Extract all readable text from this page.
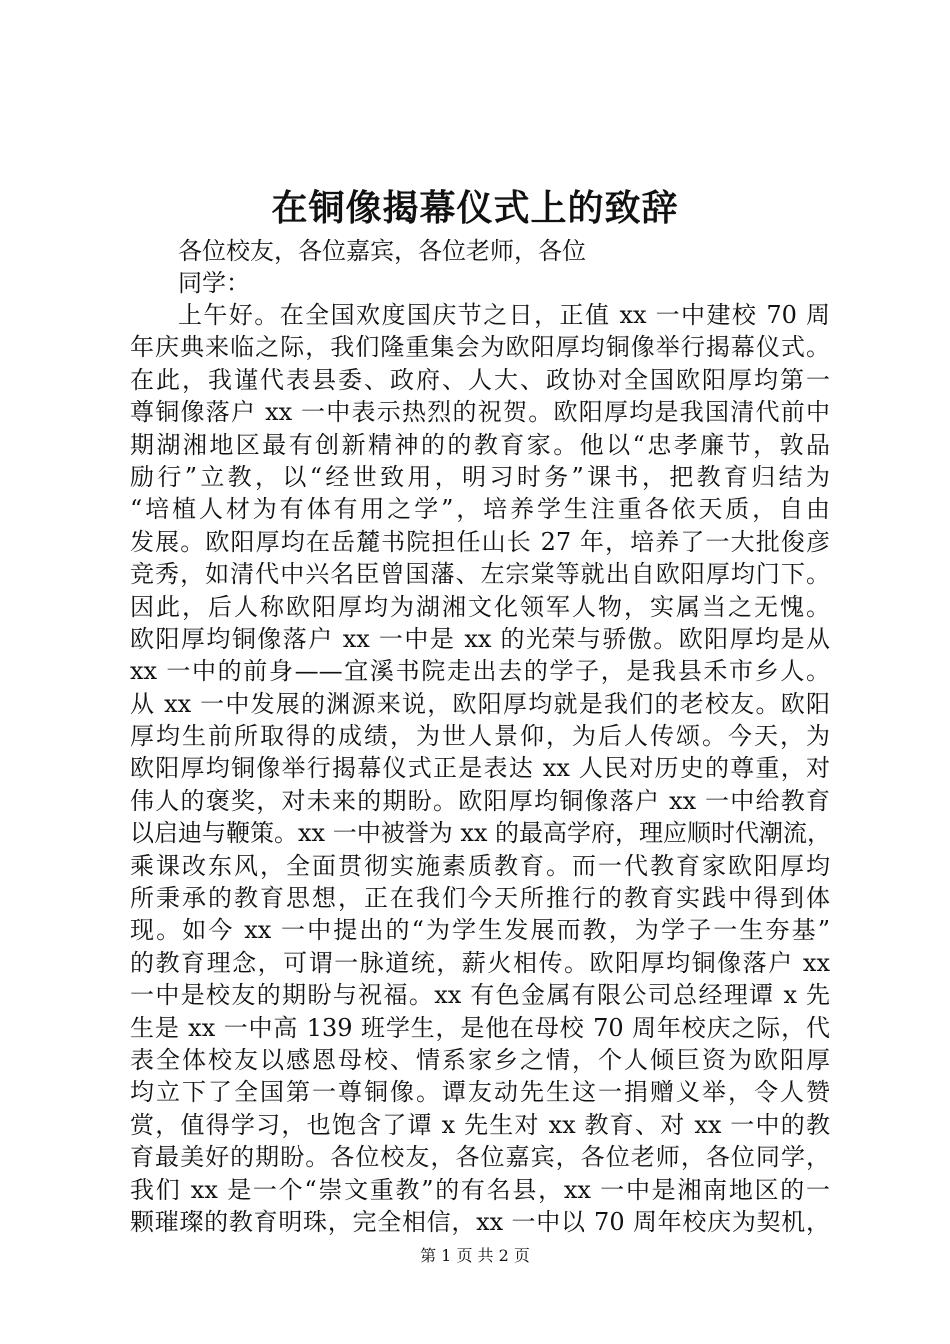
在铜像揭幕仪式上的致辞
各位校友，各位嘉宾，各位老师，各位
同学：
上午好。在全国欢度国庆节之日，正值 xx 一中建校 70 周
年庆典来临之际，我们隆重集会为欧阳厚均铜像举行揭幕仪式。
在此，我谨代表县委、政府、人大、政协对全国欧阳厚均第一
尊铜像落户 xx 一中表示热烈的祝贺。欧阳厚均是我国清代前中
期湖湘地区最有创新精神的的教育家。他以“忠孝廉节，敦品
励行”立教，以“经世致用，明习时务”课书，把教育归结为
“培植人材为有体有用之学”，培养学生注重各依天质，自由
发展。欧阳厚均在岳麓书院担任山长 27 年，培养了一大批俊彦
竞秀，如清代中兴名臣曾国藩、左宗棠等就出自欧阳厚均门下。
因此，后人称欧阳厚均为湖湘文化领军人物，实属当之无愧。
欧阳厚均铜像落户 xx 一中是 xx 的光荣与骄傲。欧阳厚均是从
xx 一中的前身——宜溪书院走出去的学子，是我县禾市乡人。
从 xx 一中发展的渊源来说，欧阳厚均就是我们的老校友。欧阳
厚均生前所取得的成绩，为世人景仰，为后人传颂。今天，为
欧阳厚均铜像举行揭幕仪式正是表达 xx 人民对历史的尊重，对
伟人的褒奖，对未来的期盼。欧阳厚均铜像落户 xx 一中给教育
以启迪与鞭策。xx 一中被誉为 xx 的最高学府，理应顺时代潮流，
乘课改东风，全面贯彻实施素质教育。而一代教育家欧阳厚均
所秉承的教育思想，正在我们今天所推行的教育实践中得到体
现。如今 xx 一中提出的“为学生发展而教，为学子一生夯基”
的教育理念，可谓一脉道统，薪火相传。欧阳厚均铜像落户 xx
一中是校友的期盼与祝福。xx 有色金属有限公司总经理谭 x 先
生是 xx 一中高 139 班学生，是他在母校 70 周年校庆之际，代
表全体校友以感恩母校、情系家乡之情，个人倾巨资为欧阳厚
均立下了全国第一尊铜像。谭友动先生这一捐赠义举，令人赞
赏，值得学习，也饱含了谭 x 先生对 xx 教育、对 xx 一中的教
育最美好的期盼。各位校友，各位嘉宾，各位老师，各位同学，
我们 xx 是一个“崇文重教”的有名县，xx 一中是湘南地区的一
颗璀璨的教育明珠，完全相信，xx 一中以 70 周年校庆为契机，
第 1 页 共 2 页
